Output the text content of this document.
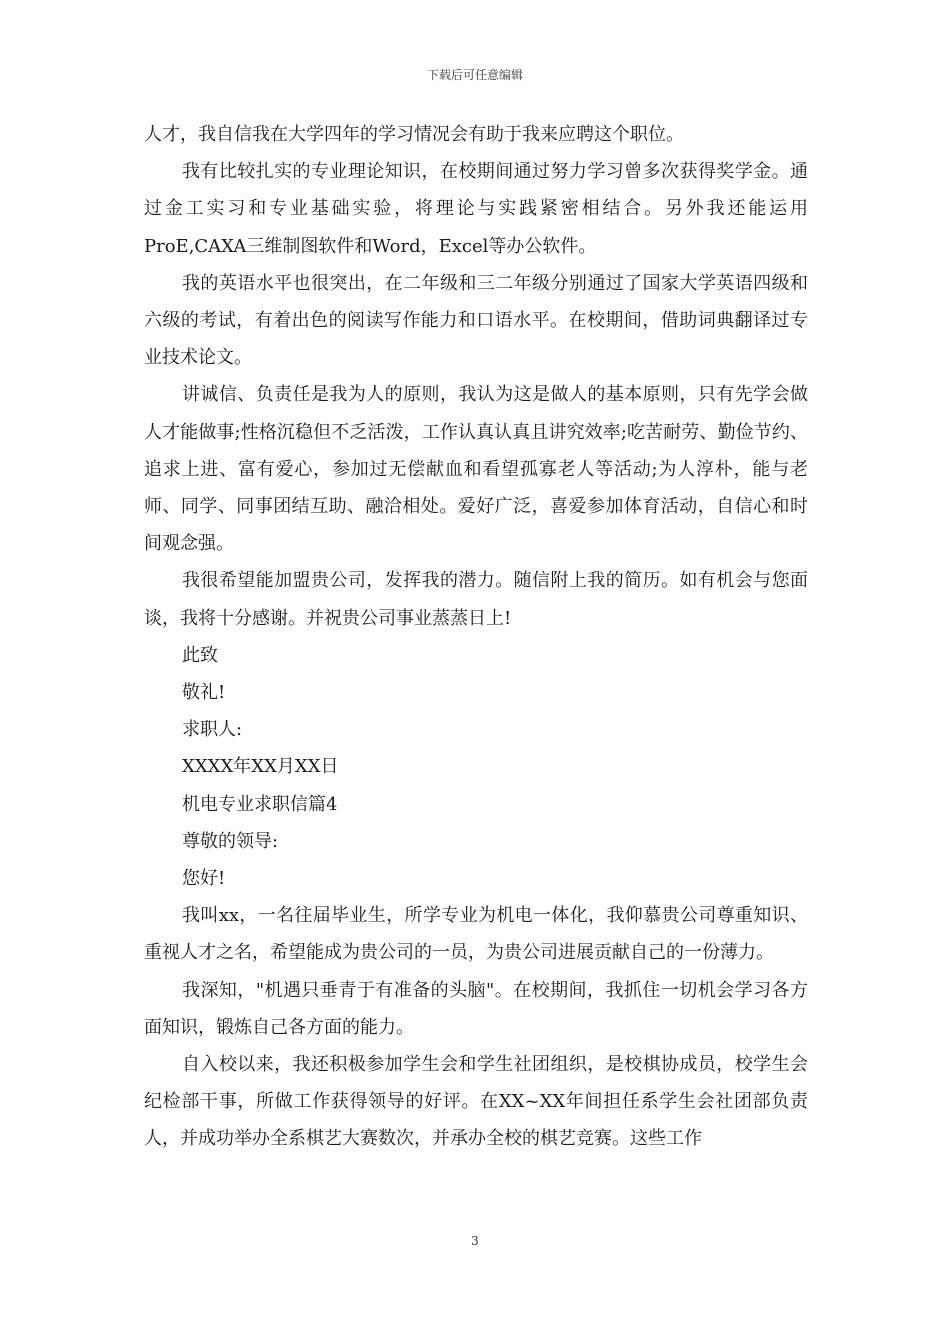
下载后可任意编辑

人才，我自信我在大学四年的学习情况会有助于我来应聘这个职位。

我有比较扎实的专业理论知识，在校期间通过努力学习曾多次获得奖学金。通过金工实习和专业基础实验，将理论与实践紧密相结合。另外我还能运用ProE,CAXA三维制图软件和Word，Excel等办公软件。

我的英语水平也很突出，在二年级和三二年级分别通过了国家大学英语四级和六级的考试，有着出色的阅读写作能力和口语水平。在校期间，借助词典翻译过专业技术论文。

讲诚信、负责任是我为人的原则，我认为这是做人的基本原则，只有先学会做人才能做事;性格沉稳但不乏活泼，工作认真认真且讲究效率;吃苦耐劳、勤俭节约、追求上进、富有爱心，参加过无偿献血和看望孤寡老人等活动;为人淳朴，能与老师、同学、同事团结互助、融洽相处。爱好广泛，喜爱参加体育活动，自信心和时间观念强。

我很希望能加盟贵公司，发挥我的潜力。随信附上我的简历。如有机会与您面谈，我将十分感谢。并祝贵公司事业蒸蒸日上!

此致

敬礼!

求职人:

XXXX年XX月XX日

机电专业求职信篇4

尊敬的领导:

您好!

我叫xx，一名往届毕业生，所学专业为机电一体化，我仰慕贵公司尊重知识、重视人才之名，希望能成为贵公司的一员，为贵公司进展贡献自己的一份薄力。

我深知，"机遇只垂青于有准备的头脑"。在校期间，我抓住一切机会学习各方面知识，锻炼自己各方面的能力。

自入校以来，我还积极参加学生会和学生社团组织，是校棋协成员，校学生会纪检部干事，所做工作获得领导的好评。在XX~XX年间担任系学生会社团部负责人，并成功举办全系棋艺大赛数次，并承办全校的棋艺竞赛。这些工作

3
